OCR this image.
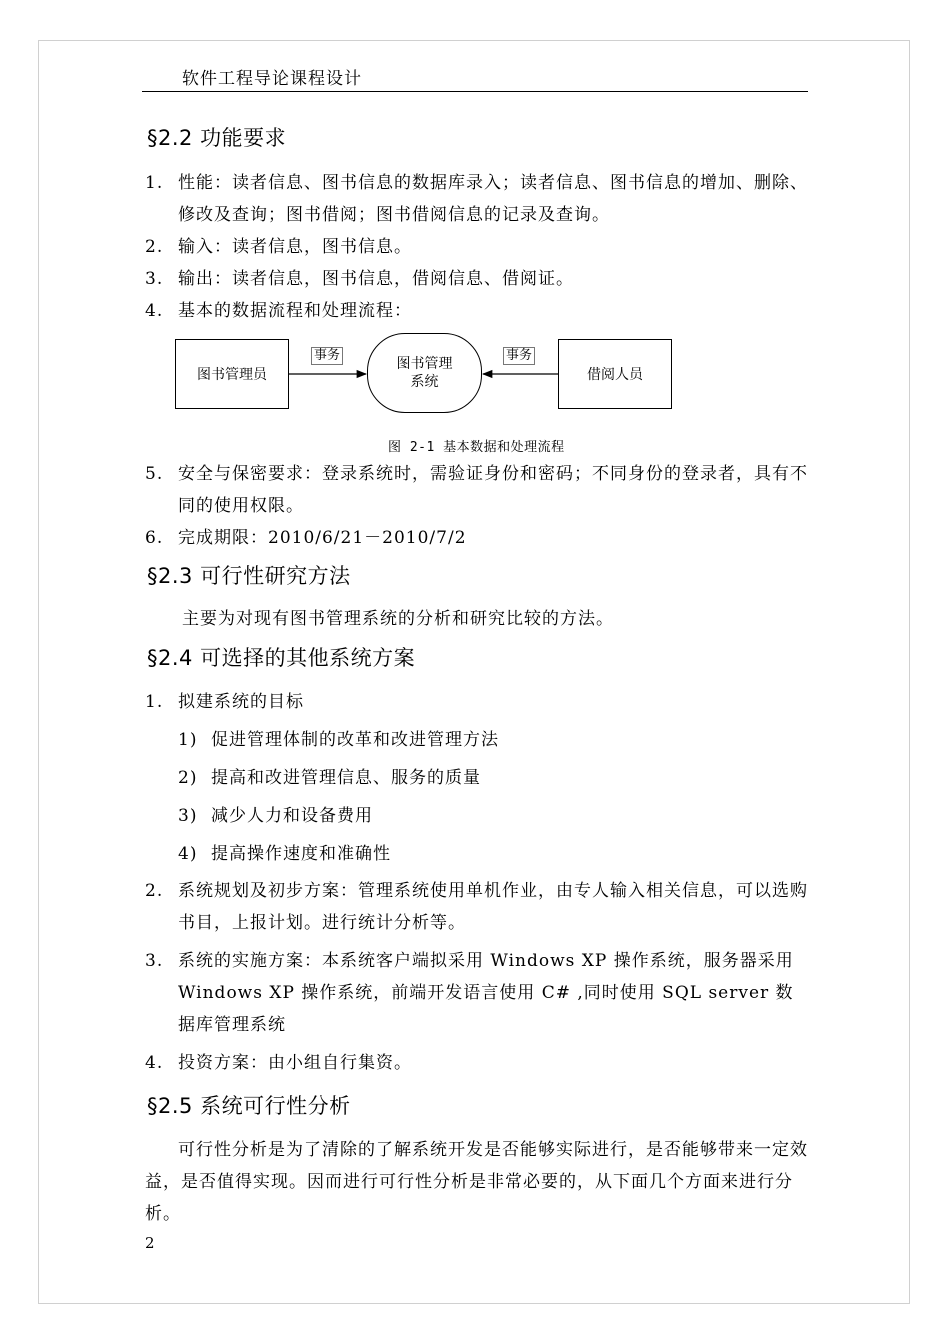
软件工程导论课程设计
§2.2 功能要求
1. 性能：读者信息、图书信息的数据库录入；读者信息、图书信息的增加、删除、修改及查询；图书借阅；图书借阅信息的记录及查询。
2. 输入：读者信息，图书信息。
3. 输出：读者信息，图书信息，借阅信息、借阅证。
4. 基本的数据流程和处理流程：
图书管理员
图书管理
系统	借阅人员
事务	事务
图 2-1 基本数据和处理流程
5. 安全与保密要求：登录系统时，需验证身份和密码；不同身份的登录者，具有不同的使用权限。
6. 完成期限：2010/6/21－2010/7/2
§2.3 可行性研究方法
主要为对现有图书管理系统的分析和研究比较的方法。
§2.4 可选择的其他系统方案
1. 拟建系统的目标
1) 促进管理体制的改革和改进管理方法
2) 提高和改进管理信息、服务的质量
3) 减少人力和设备费用
4) 提高操作速度和准确性
2. 系统规划及初步方案：管理系统使用单机作业，由专人输入相关信息，可以选购书目，上报计划。进行统计分析等。
3. 系统的实施方案：本系统客户端拟采用 Windows XP 操作系统，服务器采用 Windows XP 操作系统，前端开发语言使用 C# ,同时使用 SQL server 数据库管理系统
4. 投资方案：由小组自行集资。
§2.5 系统可行性分析
可行性分析是为了清除的了解系统开发是否能够实际进行，是否能够带来一定效益，是否值得实现。因而进行可行性分析是非常必要的，从下面几个方面来进行分析。
2
